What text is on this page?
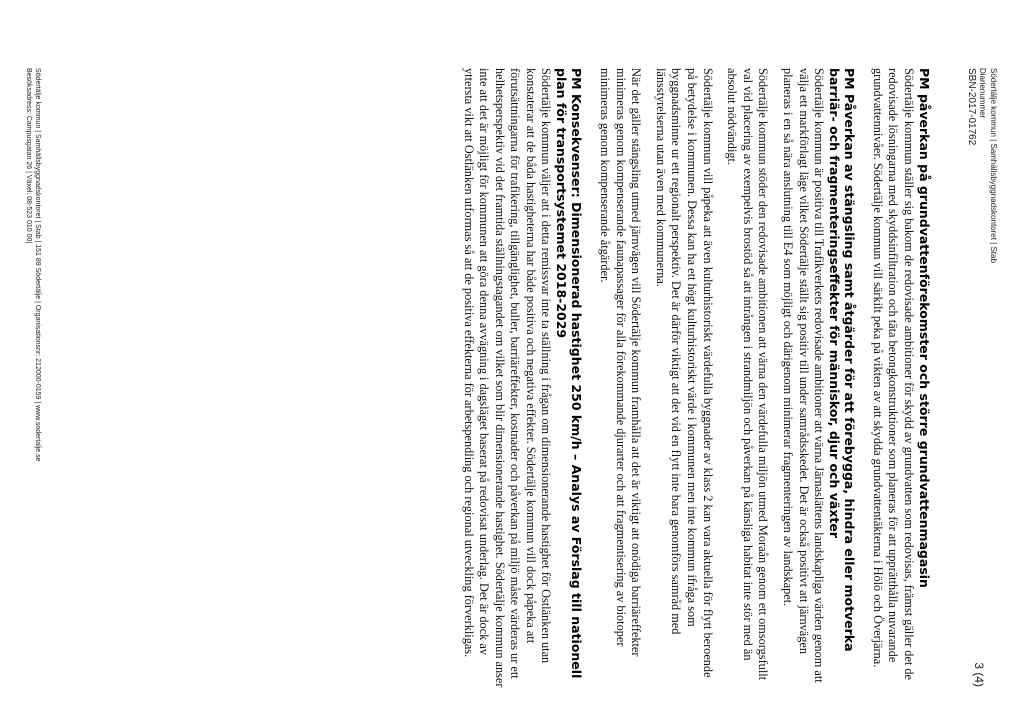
Södertälje kommun | Samhällsbyggnadskontoret | Stab
Diarienummer
SBN-2017-01762
3 (4)
PM påverkan på grundvattenförekomster och större grundvattenmagasin

Södertälje kommun ställer sig bakom de redovisade ambitioner för skydd av grundvatten som redovisas, främst gäller det de redovisade lösningarna med skyddsinfiltration och täta betongkonstruktioner som planeras för att upprätthålla nuvarande grundvattennivåer. Södertälje kommun vill särkilt peka på vikten av att skydda grundvattentäkterna i Hölö och Överjärna.

PM Påverkan av stängsling samt åtgärder för att förebygga, hindra eller motverka barriär- och fragmenteringseffekter för människor, djur och växter

Södertälje kommun är positiva till Trafikverkets redovisade ambitioner att värna Järnaslättens landskapliga värden genom att välja ett markförlagt läge vilket Södertälje ställt sig positiv till under samrådsskedet. Det är också positivt att järnvägen planeras i en så nära anslutning till E4 som möjligt och därigenom minimerar fragmenteringen av landskapet.

Södertälje kommun stöder den redovisade ambitionen att värna den värdefulla miljön utmed Moraån genom ett omsorgsfullt val vid placering av exempelvis brostöd så att intrången i strandmiljön och påverkan på känsliga habitat inte stör med än absolut nödvändigt.

Södertälje kommun vill påpeka att även kulturhistoriskt värdefulla byggnader av klass 2 kan vara aktuella för flytt beroende på betydelse i kommunen. Dessa kan ha ett högt kulturhistoriskt värde i kommunen men inte kommun ifråga som byggnadsminne ur ett regionalt perspektiv. Det är därför viktigt att det vid en flytt inte bara genomförs samråd med länsstyrelserna utan även med kommunerna.

När det gäller stängsling utmed järnvägen vill Södertälje kommun framhålla att det är viktigt att onödiga barriäreffekter minimeras genom kompenserande faunapassager för alla förekommande djurarter och att fragmentisering av biotoper minimeras genom kompenserande åtgärder.

PM Konsekvenser: Dimensionerad hastighet 250 km/h – Analys av Förslag till nationell plan för transportsystemet 2018-2029

Södertälje kommun väljer att i detta remissvar inte ta ställning i frågan om dimensionerande hastighet för Ostlänken utan konstaterar att de båda hastigheterna har både positiva och negativa effekter. Södertälje kommun vill dock påpeka att förutsättningarna för trafikering, tillgänglighet, buller, barriäreffekter, kostnader och påverkan på miljö måste värderas ur ett helhetsperspektiv vid det framtida ställningstagandet om vilket som blir dimensionerande hastighet. Södertälje kommun anser inte att det är möjligt för kommunen att göra denna avvägning i dagsläget baserat på redovisat underlag. Det är dock av yttersta vikt att Ostlänken utformas så att de positiva effekterna för arbetspendling och regional utveckling förverkligas.

Södertälje kommun | Samhällsbyggnadskontoret | Stab | 151 89 Södertälje | Organisationsnr: 212000-0159 | www.sodertalje.se
Besöksadress: Campusgatan 26 | Växel: 08-523 010 00|
